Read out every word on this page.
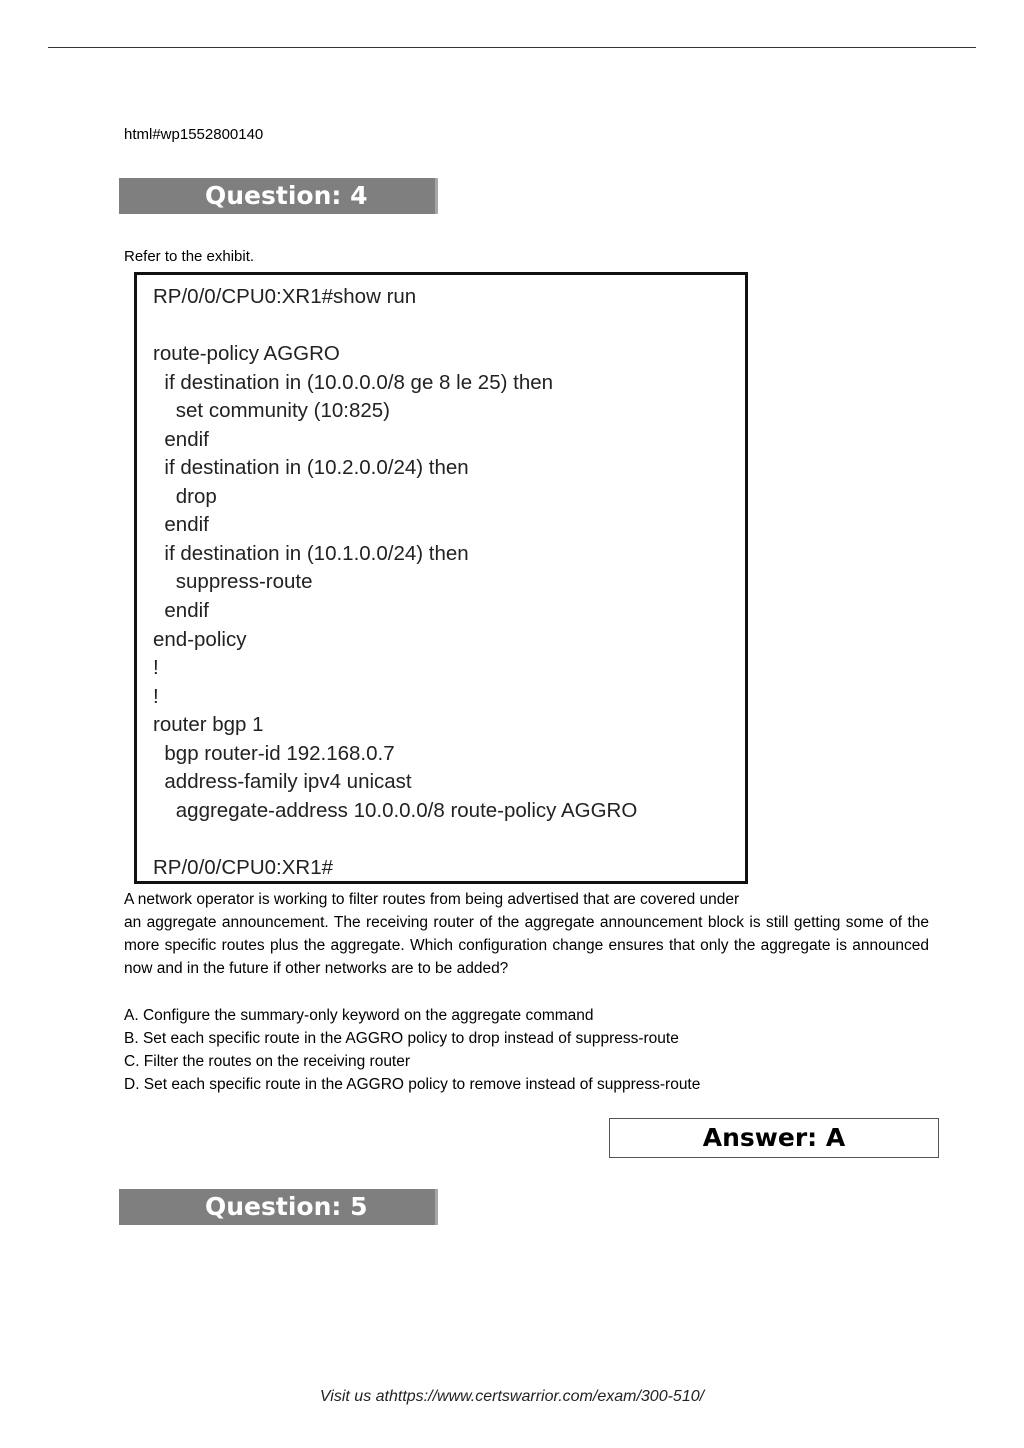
html#wp1552800140
Question: 4
Refer to the exhibit.
RP/0/0/CPU0:XR1#show run
route-policy AGGRO
if destination in (10.0.0.0/8 ge 8 le 25) then
set community (10:825)
endif
if destination in (10.2.0.0/24) then
drop
endif
if destination in (10.1.0.0/24) then
suppress-route
endif
end-policy
!
!
router bgp 1
bgp router-id 192.168.0.7
address-family ipv4 unicast
aggregate-address 10.0.0.0/8 route-policy AGGRO
RP/0/0/CPU0:XR1#
A network operator is working to filter routes from being advertised that are covered under
an aggregate announcement. The receiving router of the aggregate announcement block is still getting some of the more specific routes plus the aggregate. Which configuration change ensures that only the aggregate is announced now and in the future if other networks are to be added?
A. Configure the summary-only keyword on the aggregate command
B. Set each specific route in the AGGRO policy to drop instead of suppress-route
C. Filter the routes on the receiving router
D. Set each specific route in the AGGRO policy to remove instead of suppress-route
Answer: A
Question: 5
Visit us athttps://www.certswarrior.com/exam/300-510/
